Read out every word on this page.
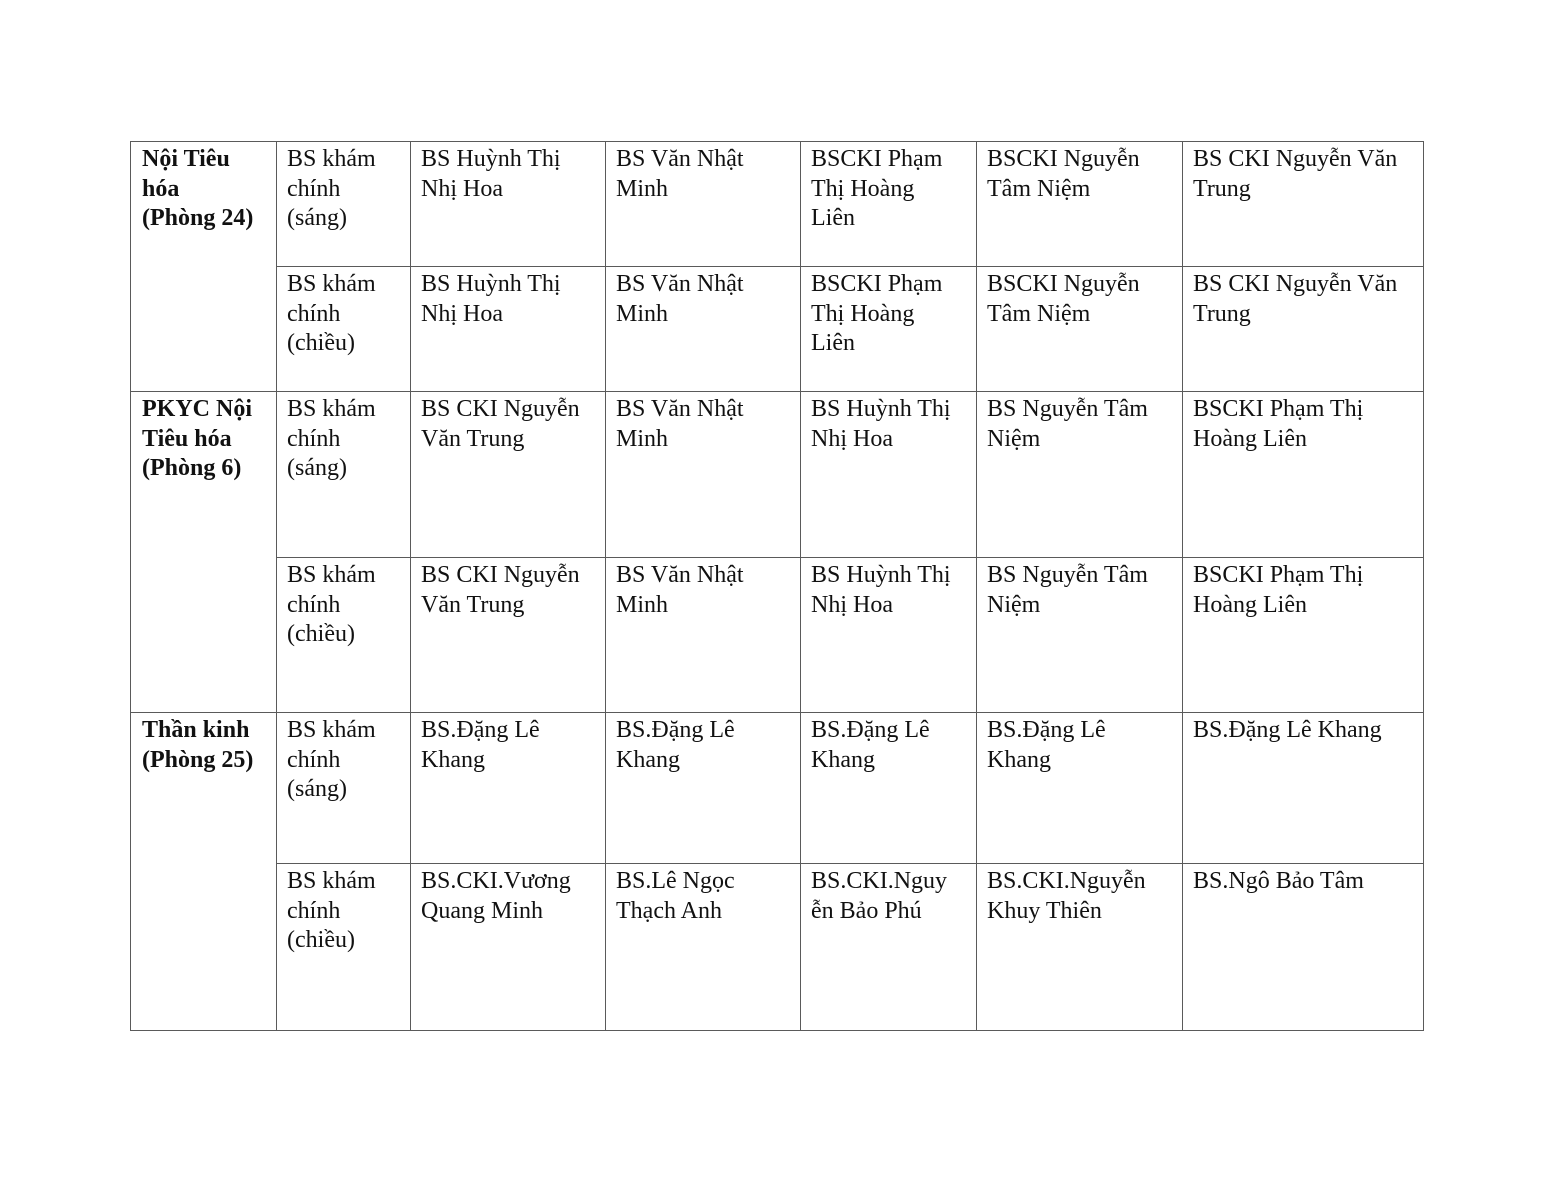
Nội Tiêu
hóa
(Phòng 24)	BS khám
chính
(sáng)	BS Huỳnh Thị
Nhị Hoa	BS Văn Nhật
Minh	BSCKI Phạm
Thị Hoàng
Liên	BSCKI Nguyễn
Tâm Niệm	BS CKI Nguyễn Văn
Trung
	BS khám
chính
(chiều)	BS Huỳnh Thị
Nhị Hoa	BS Văn Nhật
Minh	BSCKI Phạm
Thị Hoàng
Liên	BSCKI Nguyễn
Tâm Niệm	BS CKI Nguyễn Văn
Trung
PKYC Nội
Tiêu hóa
(Phòng 6)	BS khám
chính
(sáng)	BS CKI Nguyễn
Văn Trung	BS Văn Nhật
Minh	BS Huỳnh Thị
Nhị Hoa	BS Nguyễn Tâm
Niệm	BSCKI Phạm Thị
Hoàng Liên
	BS khám
chính
(chiều)	BS CKI Nguyễn
Văn Trung	BS Văn Nhật
Minh	BS Huỳnh Thị
Nhị Hoa	BS Nguyễn Tâm
Niệm	BSCKI Phạm Thị
Hoàng Liên
Thần kinh
(Phòng 25)	BS khám
chính
(sáng)	BS.Đặng Lê
Khang	BS.Đặng Lê
Khang	BS.Đặng Lê
Khang	BS.Đặng Lê
Khang	BS.Đặng Lê Khang
	BS khám
chính
(chiều)	BS.CKI.Vương
Quang Minh	BS.Lê Ngọc
Thạch Anh	BS.CKI.Nguy
ễn Bảo Phú	BS.CKI.Nguyễn
Khuy Thiên	BS.Ngô Bảo Tâm
